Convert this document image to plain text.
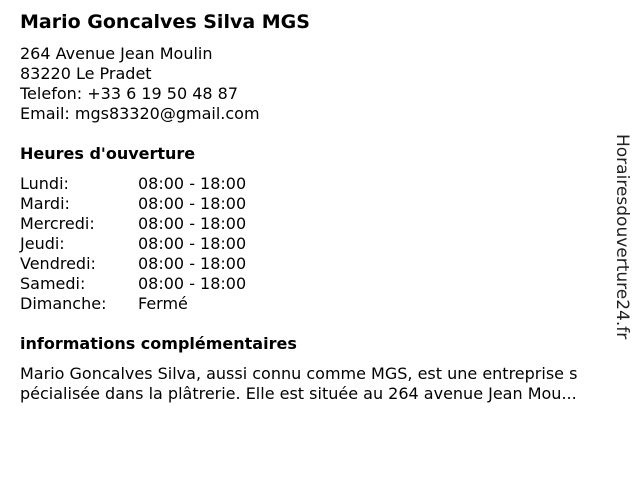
Mario Goncalves Silva MGS
264 Avenue Jean Moulin
83220 Le Pradet
Telefon: +33 6 19 50 48 87
Email: mgs83320@gmail.com
Heures d'ouverture
Lundi:	08:00 - 18:00
Mardi:	08:00 - 18:00
Mercredi:	08:00 - 18:00
Jeudi:	08:00 - 18:00
Vendredi:	08:00 - 18:00
Samedi:	08:00 - 18:00
Dimanche:	Fermé
informations complémentaires
Mario Goncalves Silva, aussi connu comme MGS, est une entreprise s
pécialisée dans la plâtrerie. Elle est située au 264 avenue Jean Mou...
Horairesdouverture24.fr
